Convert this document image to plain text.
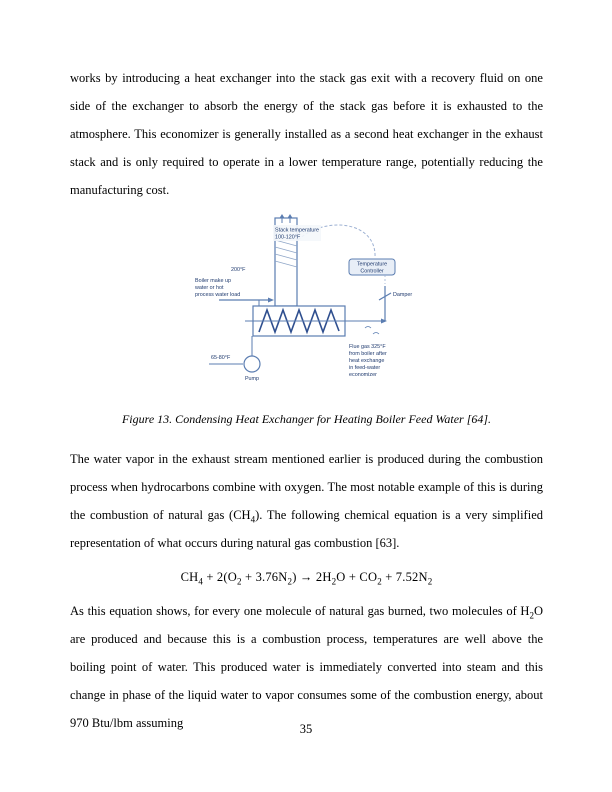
works by introducing a heat exchanger into the stack gas exit with a recovery fluid on one side of the exchanger to absorb the energy of the stack gas before it is exhausted to the atmosphere. This economizer is generally installed as a second heat exchanger in the exhaust stack and is only required to operate in a lower temperature range, potentially reducing the manufacturing cost.

Stack temperature
100-120°F
Temperature
Controller
Damper
200°F
Boiler make up
water or hot
process water load
65-80°F
Pump
Flue gas 325°F
from boiler after
heat exchange
in feed-water
economizer
Figure 13. Condensing Heat Exchanger for Heating Boiler Feed Water [64].

The water vapor in the exhaust stream mentioned earlier is produced during the combustion process when hydrocarbons combine with oxygen. The most notable example of this is during the combustion of natural gas $(CH_4)$. The following chemical equation is a very simplified representation of what occurs during natural gas combustion [63].

$CH_4 + 2(O_2 + 3.76N_2) \to 2H_2O + CO_2 + 7.52N_2$

As this equation shows, for every one molecule of natural gas burned, two molecules of $H_2O$ are produced and because this is a combustion process, temperatures are well above the boiling point of water. This produced water is immediately converted into steam and this change in phase of the liquid water to vapor consumes some of the combustion energy, about 970 Btu/lbm assuming	35
